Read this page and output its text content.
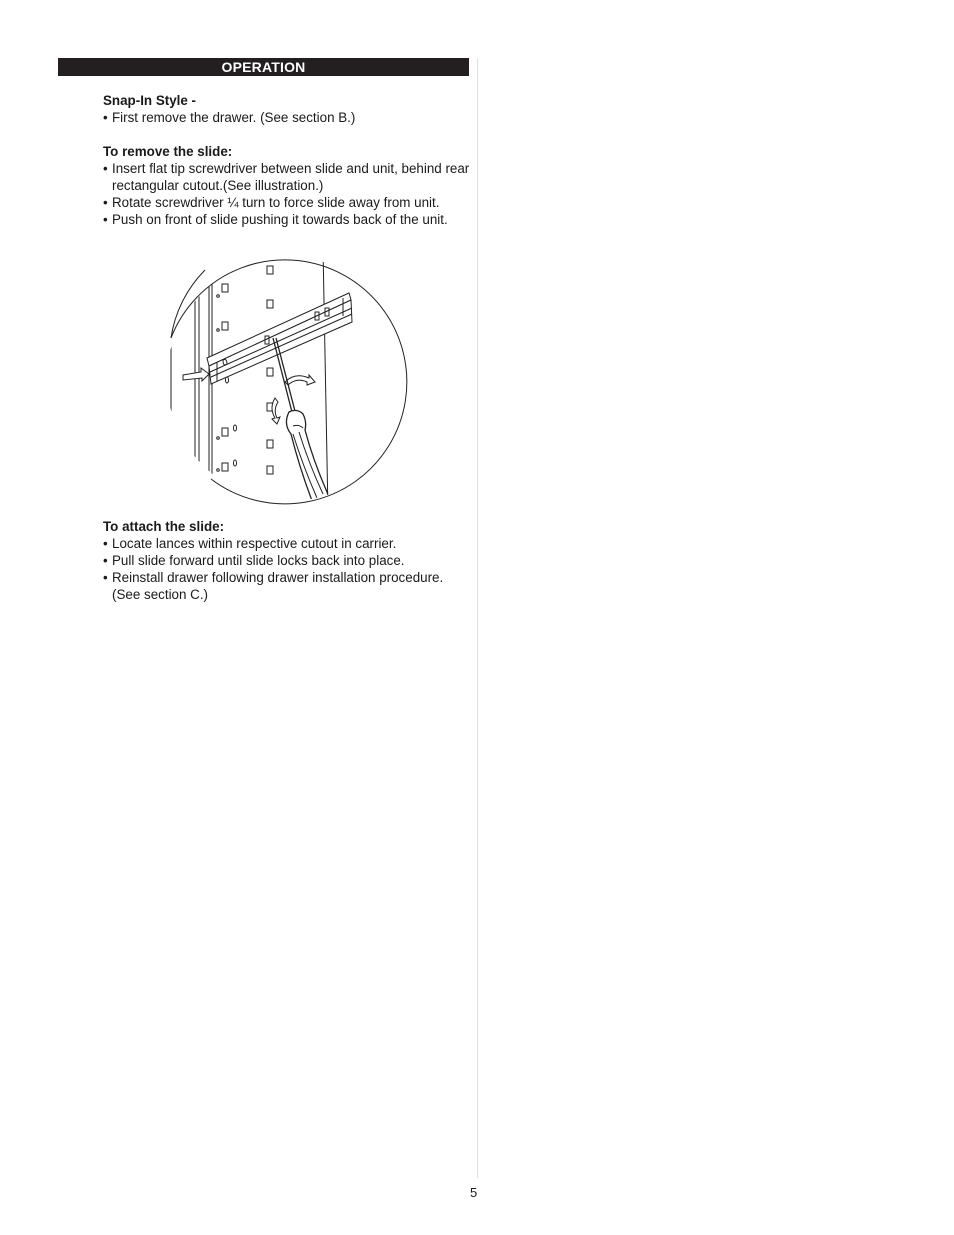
OPERATION

Snap-In Style -

• First remove the drawer. (See section B.)

To remove the slide:

• Insert flat tip screwdriver between slide and unit, behind rear rectangular cutout.(See illustration.)

• Rotate screwdriver ¼ turn to force slide away from unit.

• Push on front of slide pushing it towards back of the unit.

To attach the slide:

• Locate lances within respective cutout in carrier.

• Pull slide forward until slide locks back into place.

• Reinstall drawer following drawer installation procedure. (See section C.)

5
